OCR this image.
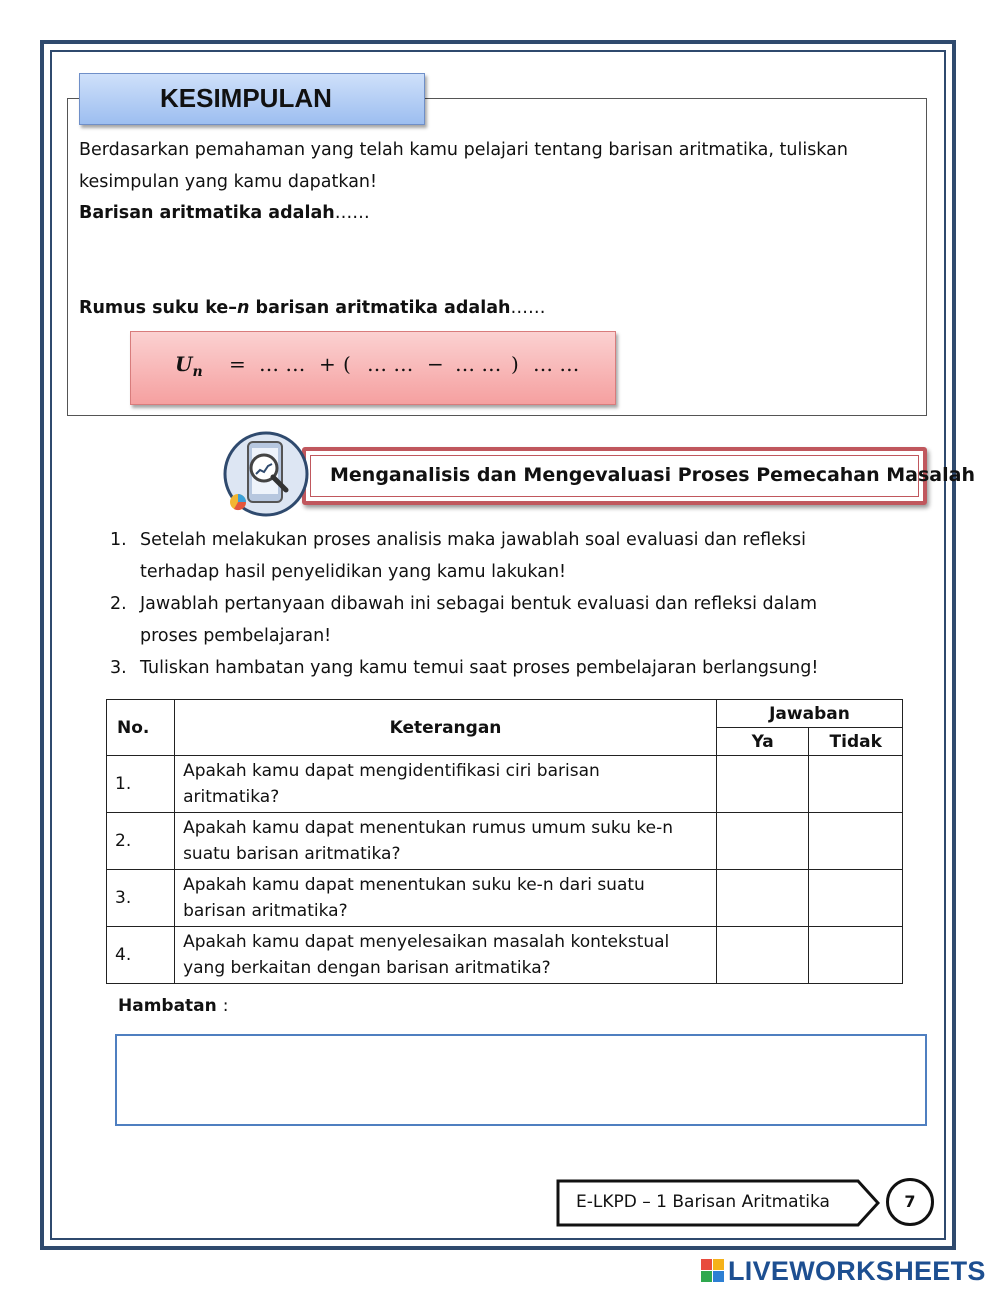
KESIMPULAN
Berdasarkan pemahaman yang telah kamu pelajari tentang barisan aritmatika, tuliskan
kesimpulan yang kamu dapatkan!
Barisan aritmatika adalah……
Rumus suku ke–n barisan aritmatika adalah……
$U_n$ = … … + ( … … − … … ) … …
Menganalisis dan Mengevaluasi Proses Pemecahan Masalah
1. Setelah melakukan proses analisis maka jawablah soal evaluasi dan refleksi
terhadap hasil penyelidikan yang kamu lakukan!
2. Jawablah pertanyaan dibawah ini sebagai bentuk evaluasi dan refleksi dalam
proses pembelajaran!
3. Tuliskan hambatan yang kamu temui saat proses pembelajaran berlangsung!
No.	Keterangan	Jawaban	
		Ya	Tidak
1.	Apakah kamu dapat mengidentifikasi ciri barisan
aritmatika?		

2.	Apakah kamu dapat menentukan rumus umum suku ke-n
suatu barisan aritmatika?		

3.	Apakah kamu dapat menentukan suku ke-n dari suatu
barisan aritmatika?		

4.	Apakah kamu dapat menyelesaikan masalah kontekstual
yang berkaitan dengan barisan aritmatika?		

Hambatan :
E-LKPD – 1 Barisan Aritmatika	7
LIVEWORKSHEETS
